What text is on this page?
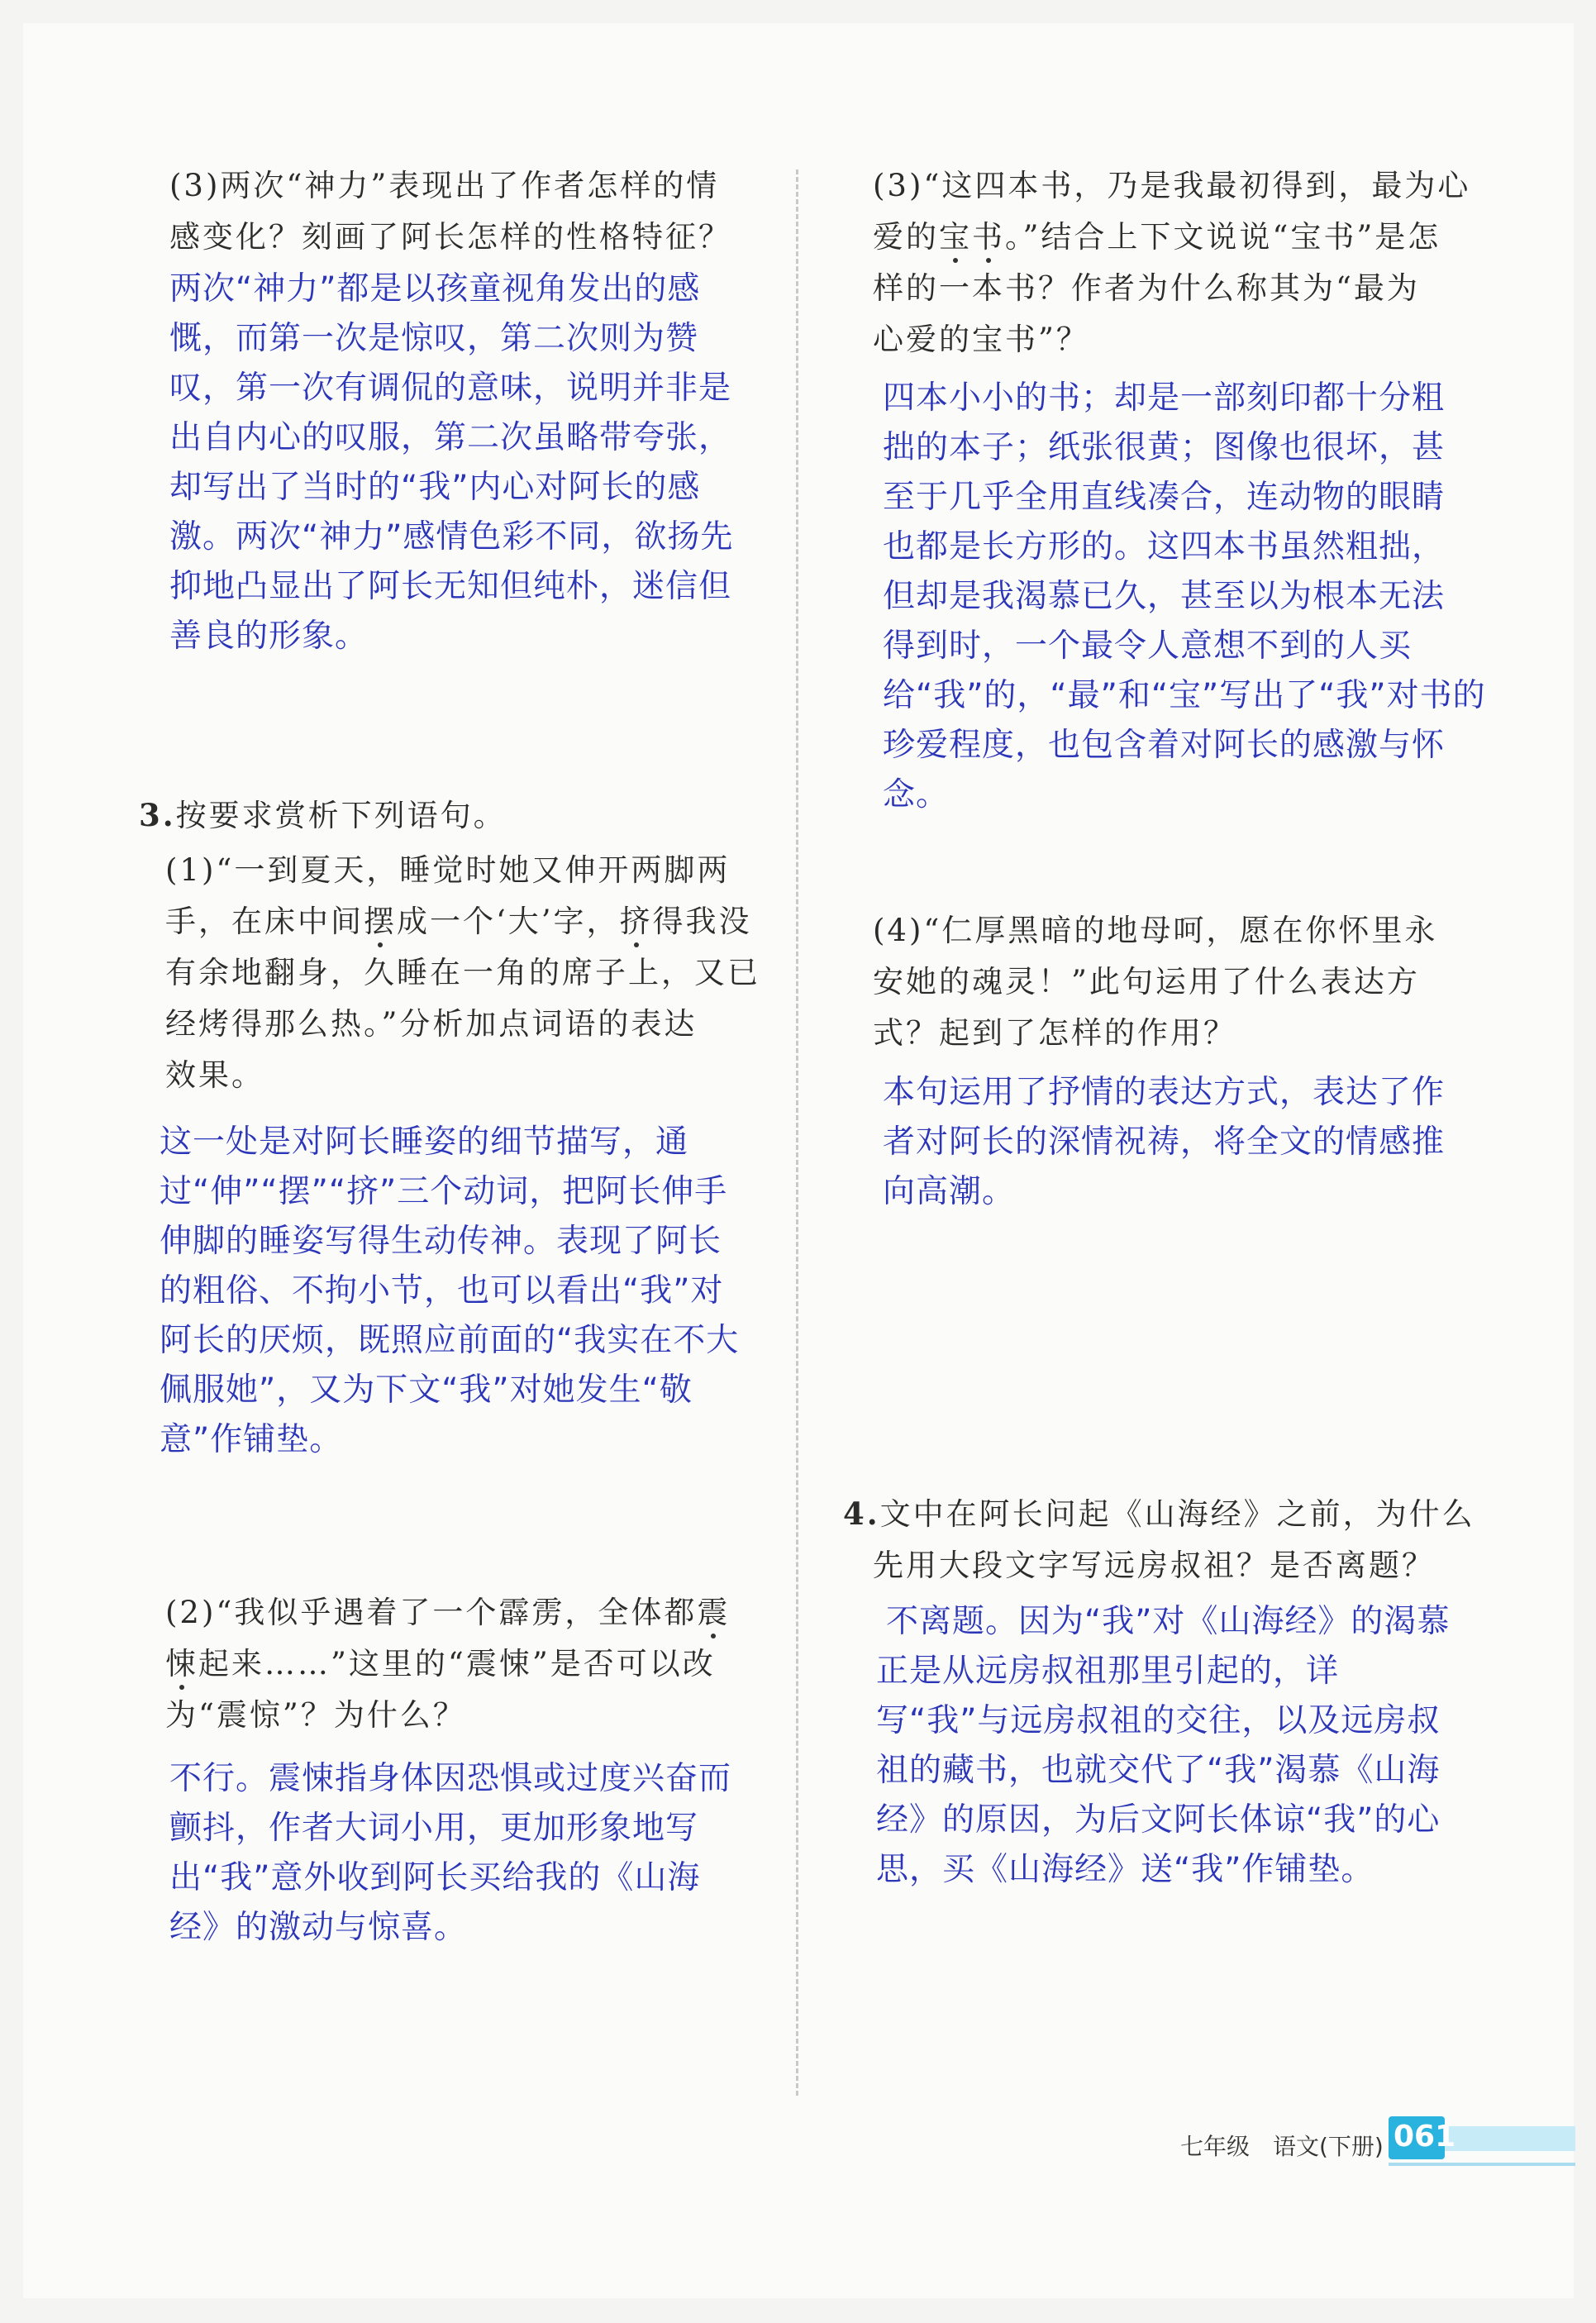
(3)两次“神力”表现出了作者怎样的情
感变化？刻画了阿长怎样的性格特征？
两次“神力”都是以孩童视角发出的感
慨，而第一次是惊叹，第二次则为赞
叹，第一次有调侃的意味，说明并非是
出自内心的叹服，第二次虽略带夸张，
却写出了当时的“我”内心对阿长的感
激。两次“神力”感情色彩不同，欲扬先
抑地凸显出了阿长无知但纯朴，迷信但
善良的形象。
3.按要求赏析下列语句。
(1)“一到夏天，睡觉时她又伸开两脚两
手，在床中间摆成一个‘大’字，挤得我没
有余地翻身，久睡在一角的席子上，又已
经烤得那么热。”分析加点词语的表达
效果。
这一处是对阿长睡姿的细节描写，通
过“伸”“摆”“挤”三个动词，把阿长伸手
伸脚的睡姿写得生动传神。表现了阿长
的粗俗、不拘小节，也可以看出“我”对
阿长的厌烦，既照应前面的“我实在不大
佩服她”，又为下文“我”对她发生“敬
意”作铺垫。
(2)“我似乎遇着了一个霹雳，全体都震
悚起来……”这里的“震悚”是否可以改
为“震惊”？为什么？
不行。震悚指身体因恐惧或过度兴奋而
颤抖，作者大词小用，更加形象地写
出“我”意外收到阿长买给我的《山海
经》的激动与惊喜。
(3)“这四本书，乃是我最初得到，最为心
爱的宝书。”结合上下文说说“宝书”是怎
样的一本书？作者为什么称其为“最为
心爱的宝书”？
四本小小的书；却是一部刻印都十分粗
拙的本子；纸张很黄；图像也很坏，甚
至于几乎全用直线凑合，连动物的眼睛
也都是长方形的。这四本书虽然粗拙，
但却是我渴慕已久，甚至以为根本无法
得到时，一个最令人意想不到的人买
给“我”的，“最”和“宝”写出了“我”对书的
珍爱程度，也包含着对阿长的感激与怀
念。
(4)“仁厚黑暗的地母呵，愿在你怀里永
安她的魂灵！”此句运用了什么表达方
式？起到了怎样的作用？
本句运用了抒情的表达方式，表达了作
者对阿长的深情祝祷，将全文的情感推
向高潮。
4.文中在阿长问起《山海经》之前，为什么
先用大段文字写远房叔祖？是否离题？
不离题。因为“我”对《山海经》的渴慕
正是从远房叔祖那里引起的，详
写“我”与远房叔祖的交往，以及远房叔
祖的藏书，也就交代了“我”渴慕《山海
经》的原因，为后文阿长体谅“我”的心
思，买《山海经》送“我”作铺垫。
七年级 语文(下册) 061
